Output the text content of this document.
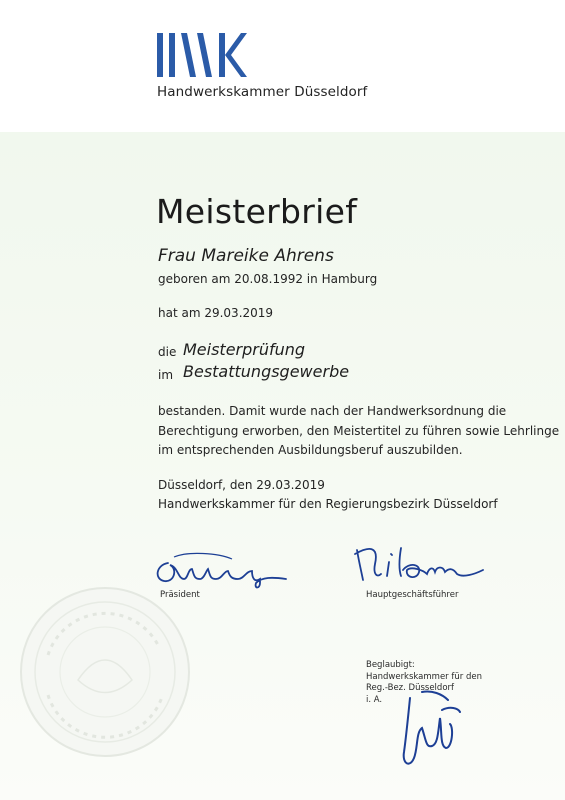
Handwerkskammer Düsseldorf
Meisterbrief
Frau Mareike Ahrens
geboren am 20.08.1992 in Hamburg
hat am 29.03.2019
die Meisterprüfung
im Bestattungsgewerbe
bestanden. Damit wurde nach der Handwerksordnung die
Berechtigung erworben, den Meistertitel zu führen sowie Lehrlinge
im entsprechenden Ausbildungsberuf auszubilden.
Düsseldorf, den 29.03.2019
Handwerkskammer für den Regierungsbezirk Düsseldorf
Präsident	Hauptgeschäftsführer
Beglaubigt:
Handwerkskammer für den
Reg.-Bez. Düsseldorf
i. A.
